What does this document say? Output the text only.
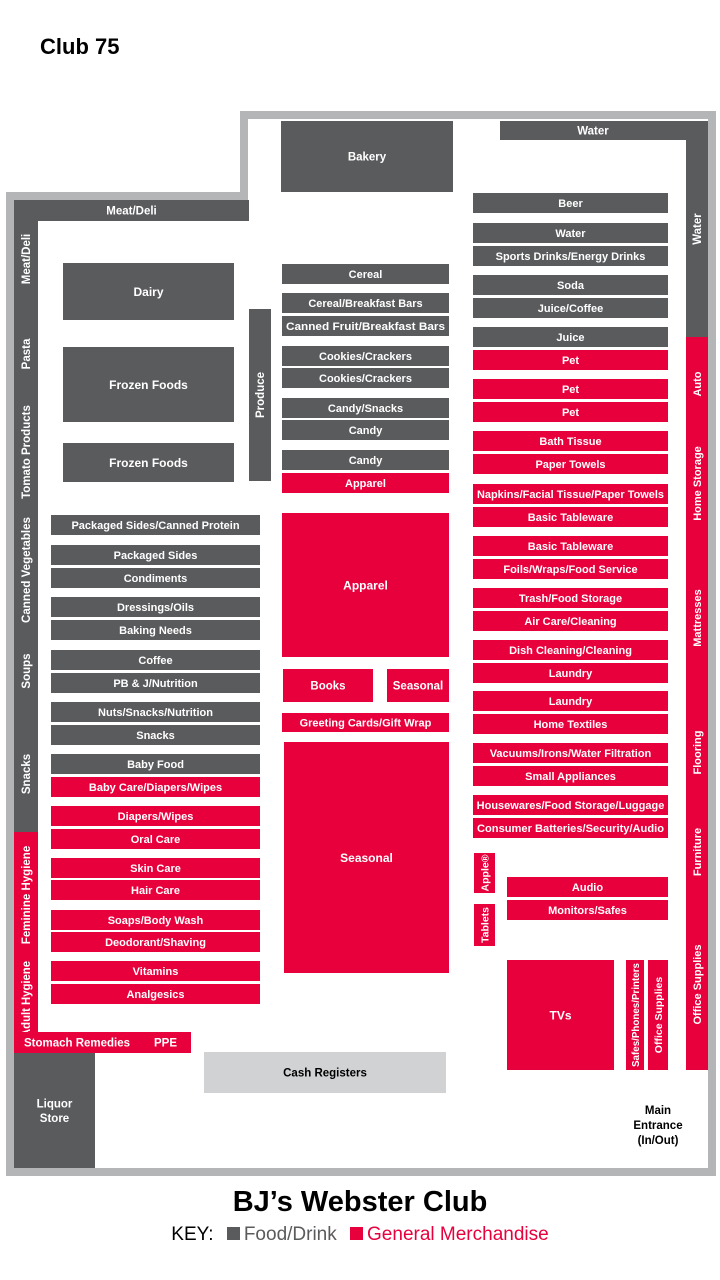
Club 75
Meat/Deli
Bakery
Water
Water
Meat/Deli
Pasta
Tomato Products
Canned Vegetables
Soups
Snacks
Feminine Hygiene
Adult Hygiene
Stomach Remedies PPE
Liquor Store
Cash Registers
Dairy
Frozen Foods
Frozen Foods
Produce
Packaged Sides/Canned Protein
Packaged Sides
Condiments
Dressings/Oils
Baking Needs
Coffee
PB & J/Nutrition
Nuts/Snacks/Nutrition
Snacks
Baby Food
Baby Care/Diapers/Wipes
Diapers/Wipes
Oral Care
Skin Care
Hair Care
Soaps/Body Wash
Deodorant/Shaving
Vitamins
Analgesics
Cereal
Cereal/Breakfast Bars
Canned Fruit/Breakfast Bars
Cookies/Crackers
Cookies/Crackers
Candy/Snacks
Candy
Candy
Apparel
Apparel
Books	Seasonal
Greeting Cards/Gift Wrap
Seasonal
Beer
Water
Sports Drinks/Energy Drinks
Soda
Juice/Coffee
Juice
Pet
Pet
Pet
Bath Tissue
Paper Towels
Napkins/Facial Tissue/Paper Towels
Basic Tableware
Basic Tableware
Foils/Wraps/Food Service
Trash/Food Storage
Air Care/Cleaning
Dish Cleaning/Cleaning
Laundry
Laundry
Home Textiles
Vacuums/Irons/Water Filtration
Small Appliances
Housewares/Food Storage/Luggage
Consumer Batteries/Security/Audio
Apple®
Tablets
Audio
Monitors/Safes
TVs	Safes/Phones/Printers Office Supplies
Auto
Home Storage
Mattresses
Flooring
Furniture
Office Supplies
Main
Entrance
(In/Out)
BJ’s Webster Club
KEY: Food/Drink General Merchandise
